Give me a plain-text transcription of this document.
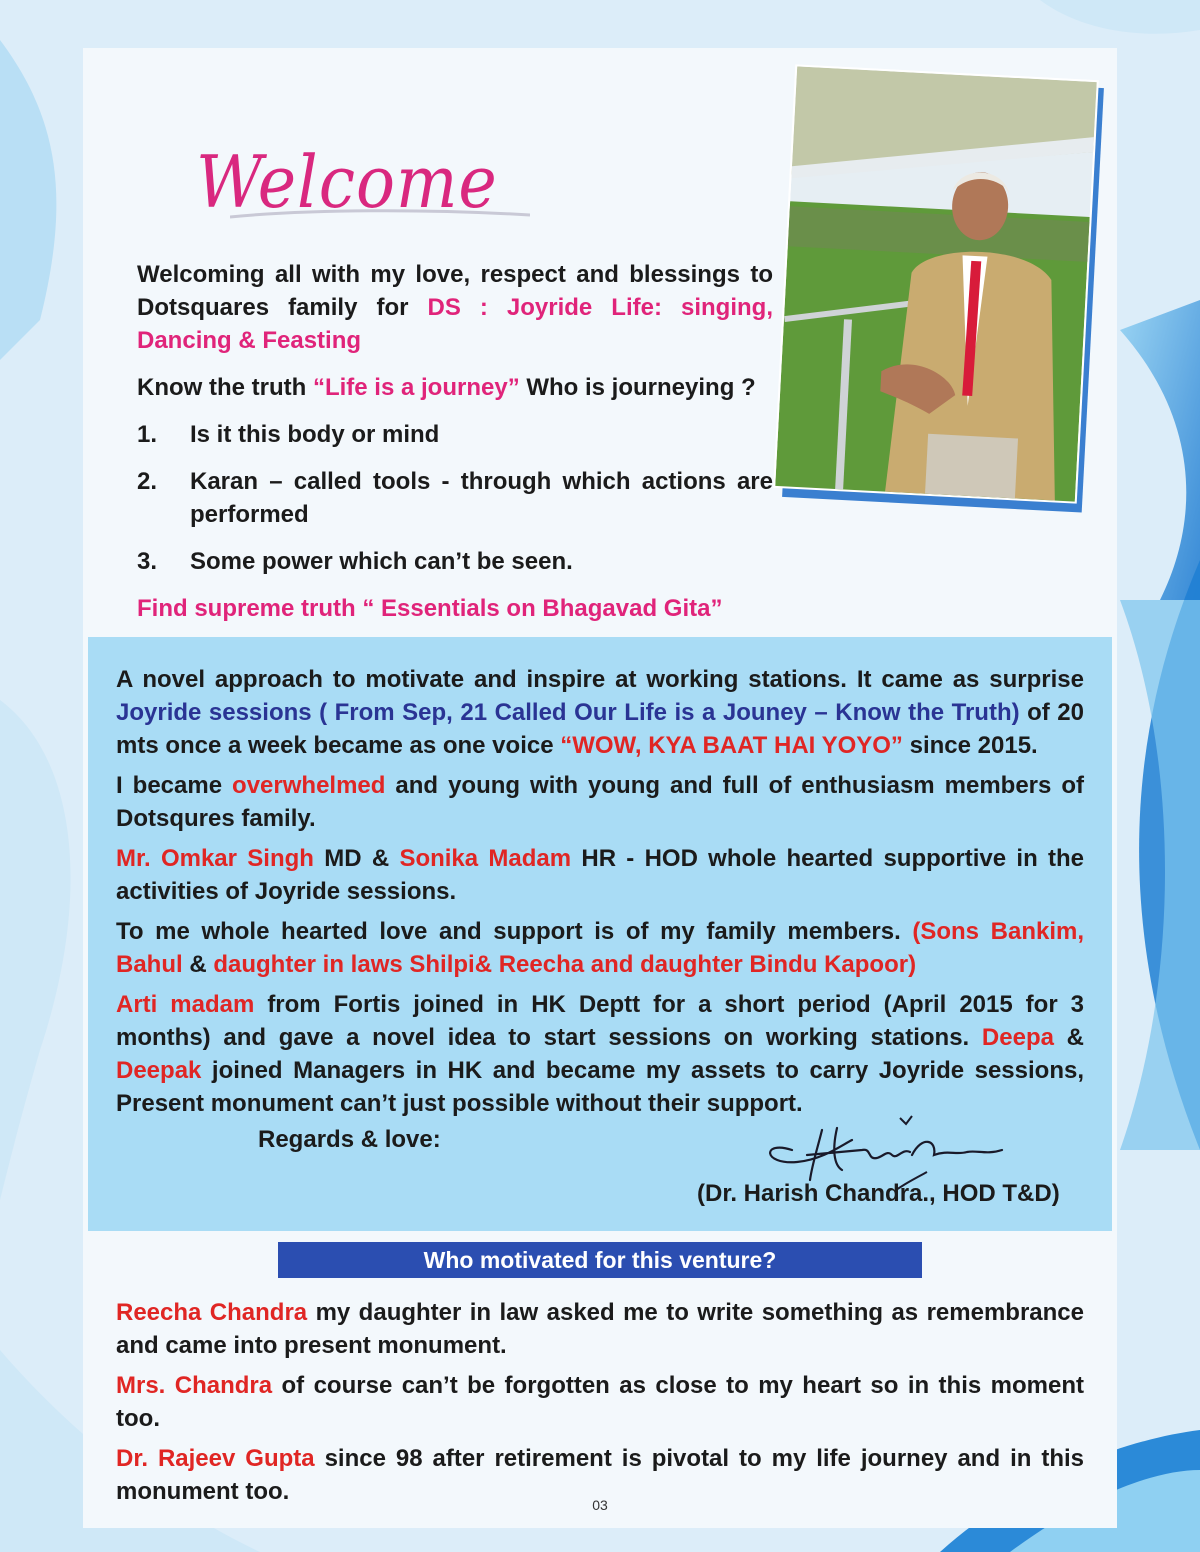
Welcome

Welcoming all with my love, respect and blessings to Dotsquares family for DS : Joyride Life: singing, Dancing & Feasting

Know the truth “Life is a journey” Who is journeying ?

1.	Is it this body or mind
2.	Karan – called tools - through which actions are performed
3.	Some power which can’t be seen.

Find supreme truth “ Essentials on Bhagavad Gita”

A novel approach to motivate and inspire at working stations. It came as surprise Joyride sessions ( From Sep, 21 Called Our Life is a Jouney – Know the Truth) of 20 mts once a week became as one voice “WOW, KYA BAAT HAI YOYO” since 2015.

I became overwhelmed and young with young and full of enthusiasm members of Dotsqures family.

Mr. Omkar Singh MD & Sonika Madam HR - HOD whole hearted supportive in the activities of Joyride sessions.

To me whole hearted love and support is of my family members. (Sons Bankim, Bahul & daughter in laws Shilpi& Reecha and daughter Bindu Kapoor)

Arti madam from Fortis joined in HK Deptt for a short period (April 2015 for 3 months) and gave a novel idea to start sessions on working stations. Deepa & Deepak joined Managers in HK and became my assets to carry Joyride sessions, Present monument can’t just possible without their support.

Regards & love:
(Dr. Harish Chandra., HOD T&D)
Who motivated for this venture?

Reecha Chandra my daughter in law asked me to write something as remembrance and came into present monument.

Mrs. Chandra of course can’t be forgotten as close to my heart so in this moment too.

Dr. Rajeev Gupta since 98 after retirement is pivotal to my life journey and in this monument too.	03
